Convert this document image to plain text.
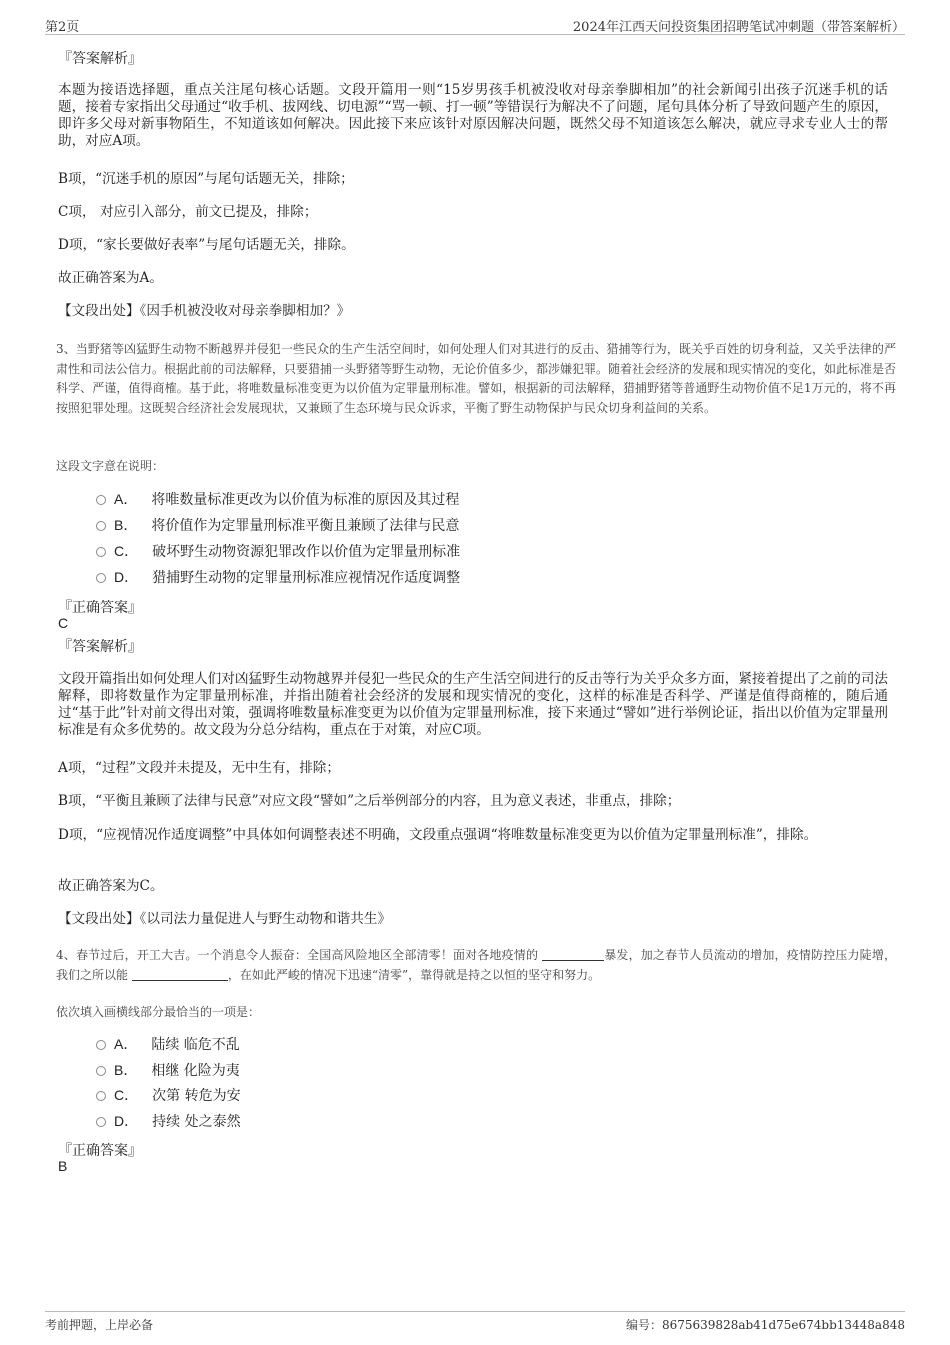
第2页	2024年江西天问投资集团招聘笔试冲刺题（带答案解析）
『答案解析』
本题为接语选择题，重点关注尾句核心话题。文段开篇用一则“15岁男孩手机被没收对母亲拳脚相加”的社会新闻引出孩子沉迷手机的话题，接着专家指出父母通过“收手机、拔网线、切电源”“骂一顿、打一顿”等错误行为解决不了问题，尾句具体分析了导致问题产生的原因，即许多父母对新事物陌生，不知道该如何解决。因此接下来应该针对原因解决问题，既然父母不知道该怎么解决，就应寻求专业人士的帮助，对应A项。
B项，“沉迷手机的原因”与尾句话题无关，排除；
C项， 对应引入部分，前文已提及，排除；
D项，“家长要做好表率”与尾句话题无关，排除。
故正确答案为A。
【文段出处】《因手机被没收对母亲拳脚相加？》
3、当野猪等凶猛野生动物不断越界并侵犯一些民众的生产生活空间时，如何处理人们对其进行的反击、猎捕等行为，既关乎百姓的切身利益，又关乎法律的严肃性和司法公信力。根据此前的司法解释，只要猎捕一头野猪等野生动物，无论价值多少，都涉嫌犯罪。随着社会经济的发展和现实情况的变化，如此标准是否科学、严谨，值得商榷。基于此，将唯数量标准变更为以价值为定罪量刑标准。譬如，根据新的司法解释，猎捕野猪等普通野生动物价值不足1万元的，将不再按照犯罪处理。这既契合经济社会发展现状，又兼顾了生态环境与民众诉求，平衡了野生动物保护与民众切身利益间的关系。
这段文字意在说明：
A． 将唯数量标准更改为以价值为标准的原因及其过程
B． 将价值作为定罪量刑标准平衡且兼顾了法律与民意
C． 破坏野生动物资源犯罪改作以价值为定罪量刑标准
D． 猎捕野生动物的定罪量刑标准应视情况作适度调整
『正确答案』
C
『答案解析』
文段开篇指出如何处理人们对凶猛野生动物越界并侵犯一些民众的生产生活空间进行的反击等行为关乎众多方面，紧接着提出了之前的司法解释，即将数量作为定罪量刑标准，并指出随着社会经济的发展和现实情况的变化，这样的标准是否科学、严谨是值得商榷的，随后通过“基于此”针对前文得出对策，强调将唯数量标准变更为以价值为定罪量刑标准，接下来通过“譬如”进行举例论证，指出以价值为定罪量刑标准是有众多优势的。故文段为分总分结构，重点在于对策，对应C项。
A项，“过程”文段并未提及，无中生有，排除；
B项，“平衡且兼顾了法律与民意”对应文段“譬如”之后举例部分的内容，且为意义表述，非重点，排除；
D项，“应视情况作适度调整”中具体如何调整表述不明确，文段重点强调“将唯数量标准变更为以价值为定罪量刑标准”，排除。
故正确答案为C。
【文段出处】《以司法力量促进人与野生动物和谐共生》
4、春节过后，开工大吉。一个消息令人振奋：全国高风险地区全部清零！面对各地疫情的	暴发，加之春节人员流动的增加，疫情防控压力陡增，我们之所以能	，在如此严峻的情况下迅速“清零”，靠得就是持之以恒的坚守和努力。
依次填入画横线部分最恰当的一项是：
A． 陆续 临危不乱
B． 相继 化险为夷
C． 次第 转危为安
D． 持续 处之泰然
『正确答案』
B
考前押题，上岸必备	编号：8675639828ab41d75e674bb13448a848
